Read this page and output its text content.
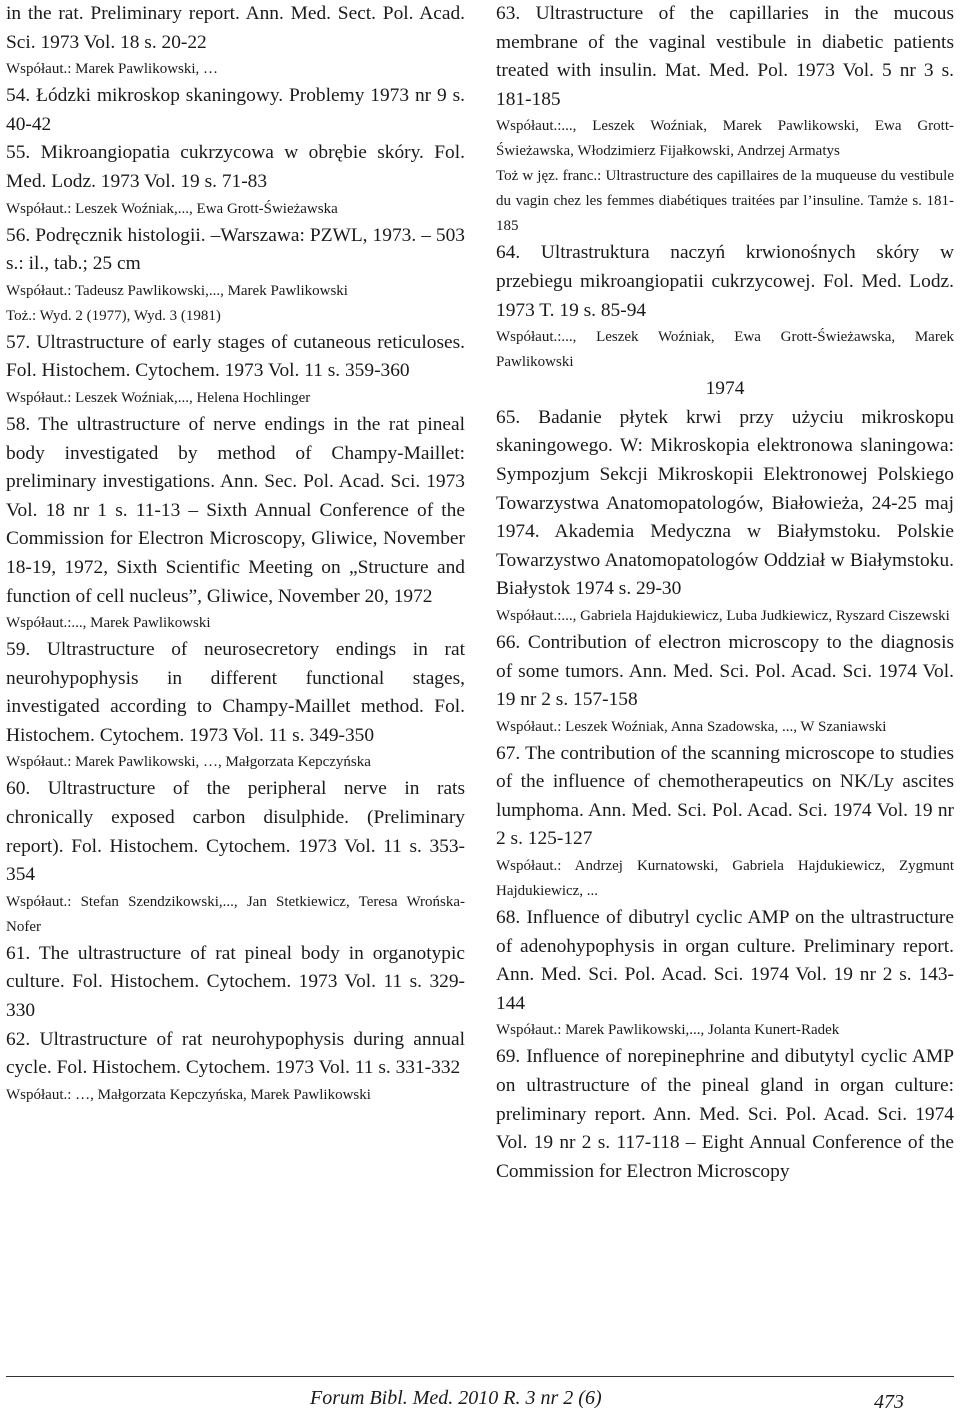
in the rat. Preliminary report. Ann. Med. Sect. Pol. Acad. Sci. 1973 Vol. 18 s. 20-22
Współaut.: Marek Pawlikowski, …
54. Łódzki mikroskop skaningowy. Problemy 1973 nr 9 s. 40-42
55. Mikroangiopatia cukrzycowa w obrębie skóry. Fol. Med. Lodz. 1973 Vol. 19 s. 71-83
Współaut.: Leszek Woźniak,..., Ewa Grott-Świeżawska
56. Podręcznik histologii. –Warszawa: PZWL, 1973. – 503 s.: il., tab.; 25 cm
Współaut.: Tadeusz Pawlikowski,..., Marek Pawlikowski
Toż.: Wyd. 2 (1977), Wyd. 3 (1981)
57. Ultrastructure of early stages of cutaneous reticuloses. Fol. Histochem. Cytochem. 1973 Vol. 11 s. 359-360
Współaut.: Leszek Woźniak,..., Helena Hochlinger
58. The ultrastructure of nerve endings in the rat pineal body investigated by method of Champy-Maillet: preliminary investigations. Ann. Sec. Pol. Acad. Sci. 1973 Vol. 18 nr 1 s. 11-13 – Sixth Annual Conference of the Commission for Electron Microscopy, Gliwice, November 18-19, 1972, Sixth Scientific Meeting on „Structure and function of cell nucleus”, Gliwice, November 20, 1972
Współaut.:..., Marek Pawlikowski
59. Ultrastructure of neurosecretory endings in rat neurohypophysis in different functional stages, investigated according to Champy-Maillet method. Fol. Histochem. Cytochem. 1973 Vol. 11 s. 349-350
Współaut.: Marek Pawlikowski, …, Małgorzata Kepczyńska
60. Ultrastructure of the peripheral nerve in rats chronically exposed carbon disulphide. (Preliminary report). Fol. Histochem. Cytochem. 1973 Vol. 11 s. 353-354
Współaut.: Stefan Szendzikowski,..., Jan Stetkiewicz, Teresa Wrońska-Nofer
61. The ultrastructure of rat pineal body in organotypic culture. Fol. Histochem. Cytochem. 1973 Vol. 11 s. 329-330
62. Ultrastructure of rat neurohypophysis during annual cycle. Fol. Histochem. Cytochem. 1973 Vol. 11 s. 331-332
Współaut.: …, Małgorzata Kepczyńska, Marek Pawlikowski
63. Ultrastructure of the capillaries in the mucous membrane of the vaginal vestibule in diabetic patients treated with insulin. Mat. Med. Pol. 1973 Vol. 5 nr 3 s. 181-185
Współaut.:..., Leszek Woźniak, Marek Pawlikowski, Ewa Grott-Świeżawska, Włodzimierz Fijałkowski, Andrzej Armatys
Toż w jęz. franc.: Ultrastructure des capillaires de la muqueuse du vestibule du vagin chez les femmes diabétiques traitées par l’insuline. Tamże s. 181-185
64. Ultrastruktura naczyń krwionośnych skóry w przebiegu mikroangiopatii cukrzycowej. Fol. Med. Lodz. 1973 T. 19 s. 85-94
Współaut.:..., Leszek Woźniak, Ewa Grott-Świeżawska, Marek Pawlikowski
1974
65. Badanie płytek krwi przy użyciu mikroskopu skaningowego. W: Mikroskopia elektronowa slaningowa: Sympozjum Sekcji Mikroskopii Elektronowej Polskiego Towarzystwa Anatomopatologów, Białowieża, 24-25 maj 1974. Akademia Medyczna w Białymstoku. Polskie Towarzystwo Anatomopatologów Oddział w Białymstoku. Białystok 1974 s. 29-30
Współaut.:..., Gabriela Hajdukiewicz, Luba Judkiewicz, Ryszard Ciszewski
66. Contribution of electron microscopy to the diagnosis of some tumors. Ann. Med. Sci. Pol. Acad. Sci. 1974 Vol. 19 nr 2 s. 157-158
Współaut.: Leszek Woźniak, Anna Szadowska, ..., W Szaniawski
67. The contribution of the scanning microscope to studies of the influence of chemotherapeutics on NK/Ly ascites lumphoma. Ann. Med. Sci. Pol. Acad. Sci. 1974 Vol. 19 nr 2 s. 125-127
Współaut.: Andrzej Kurnatowski, Gabriela Hajdukiewicz, Zygmunt Hajdukiewicz, ...
68. Influence of dibutryl cyclic AMP on the ultrastructure of adenohypophysis in organ culture. Preliminary report. Ann. Med. Sci. Pol. Acad. Sci. 1974 Vol. 19 nr 2 s. 143-144
Współaut.: Marek Pawlikowski,..., Jolanta Kunert-Radek
69. Influence of norepinephrine and dibutytyl cyclic AMP on ultrastructure of the pineal gland in organ culture: preliminary report. Ann. Med. Sci. Pol. Acad. Sci. 1974 Vol. 19 nr 2 s. 117-118 – Eight Annual Conference of the Commission for Electron Microscopy
Forum Bibl. Med. 2010 R. 3 nr 2 (6)	473
